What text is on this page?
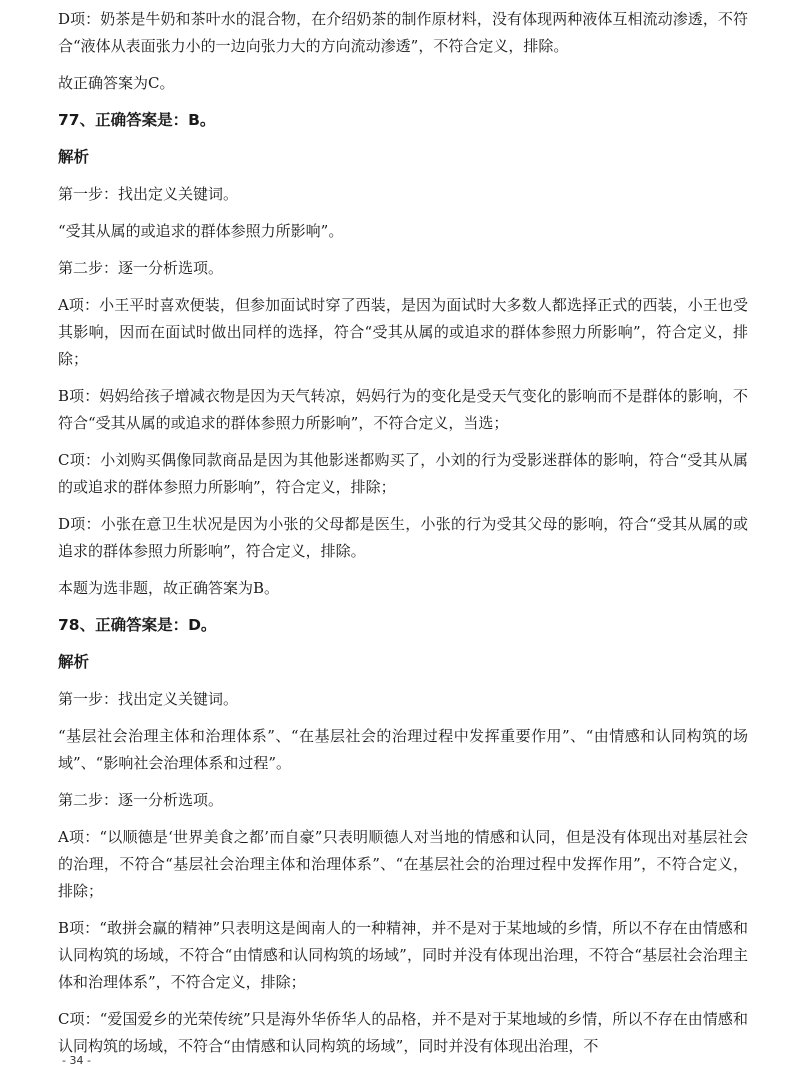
D项：奶茶是牛奶和茶叶水的混合物，在介绍奶茶的制作原材料，没有体现两种液体互相流动渗透，不符合“液体从表面张力小的一边向张力大的方向流动渗透”，不符合定义，排除。

故正确答案为C。

77、正确答案是：B。

解析

第一步：找出定义关键词。

“受其从属的或追求的群体参照力所影响”。

第二步：逐一分析选项。

A项：小王平时喜欢便装，但参加面试时穿了西装，是因为面试时大多数人都选择正式的西装，小王也受其影响，因而在面试时做出同样的选择，符合“受其从属的或追求的群体参照力所影响”，符合定义，排除；

B项：妈妈给孩子增减衣物是因为天气转凉，妈妈行为的变化是受天气变化的影响而不是群体的影响，不符合“受其从属的或追求的群体参照力所影响”，不符合定义，当选；

C项：小刘购买偶像同款商品是因为其他影迷都购买了，小刘的行为受影迷群体的影响，符合“受其从属的或追求的群体参照力所影响”，符合定义，排除；

D项：小张在意卫生状况是因为小张的父母都是医生，小张的行为受其父母的影响，符合“受其从属的或追求的群体参照力所影响”，符合定义，排除。

本题为选非题，故正确答案为B。

78、正确答案是：D。

解析

第一步：找出定义关键词。

“基层社会治理主体和治理体系”、“在基层社会的治理过程中发挥重要作用”、“由情感和认同构筑的场域”、“影响社会治理体系和过程”。

第二步：逐一分析选项。

A项：“以顺德是‘世界美食之都’而自豪”只表明顺德人对当地的情感和认同，但是没有体现出对基层社会的治理，不符合“基层社会治理主体和治理体系”、“在基层社会的治理过程中发挥作用”，不符合定义，排除；

B项：“敢拼会赢的精神”只表明这是闽南人的一种精神，并不是对于某地域的乡情，所以不存在由情感和认同构筑的场域，不符合“由情感和认同构筑的场域”，同时并没有体现出治理，不符合“基层社会治理主体和治理体系”，不符合定义，排除；

C项：“爱国爱乡的光荣传统”只是海外华侨华人的品格，并不是对于某地域的乡情，所以不存在由情感和认同构筑的场域，不符合“由情感和认同构筑的场域”，同时并没有体现出治理，不

- 34 -
